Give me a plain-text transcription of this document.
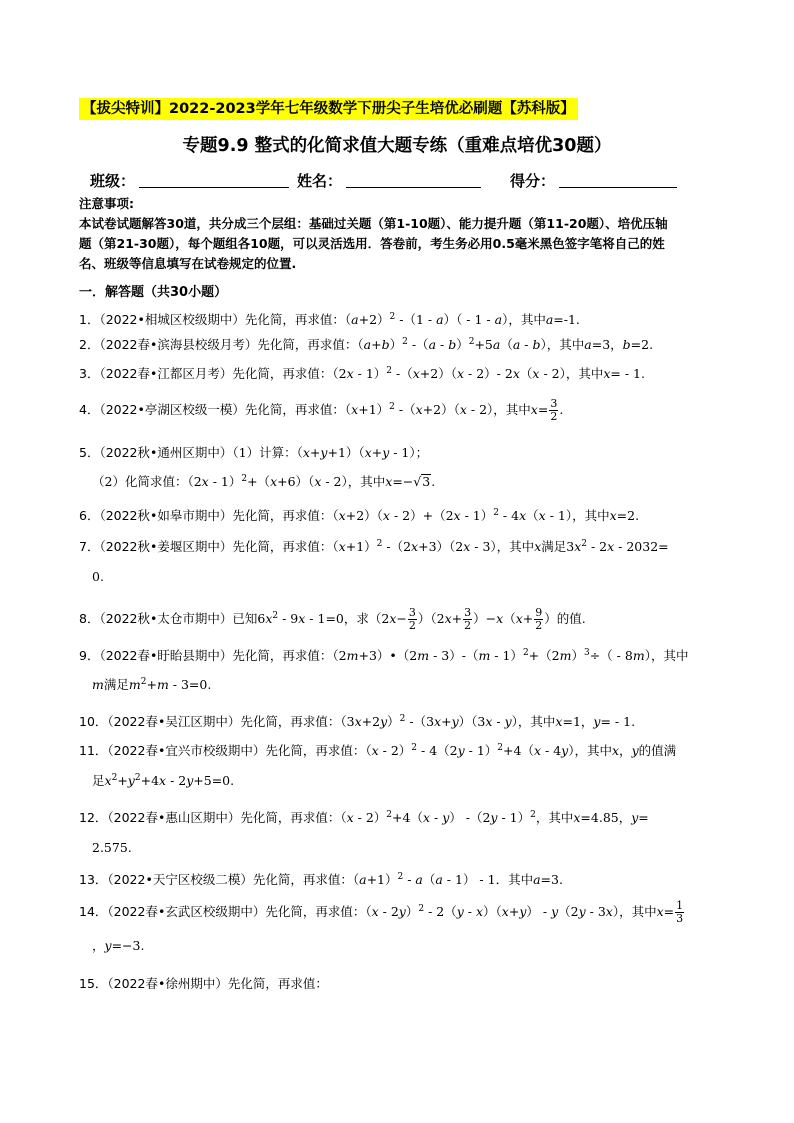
【拔尖特训】2022-2023学年七年级数学下册尖子生培优必刷题【苏科版】
专题9.9 整式的化简求值大题专练（重难点培优30题）
班级：	姓名：	得分：
注意事项:
本试卷试题解答30道，共分成三个层组：基础过关题（第1-10题）、能力提升题（第11-20题）、培优压轴
题（第21-30题），每个题组各10题，可以灵活选用．答卷前，考生务必用0.5毫米黑色签字笔将自己的姓
名、班级等信息填写在试卷规定的位置.
一．解答题（共30小题）
1．（2022•相城区校级期中）先化简，再求值：$(a+2)^2$ -（1 - a）（ - 1 - a），其中a=-1.
2．（2022春•滨海县校级月考）先化简，再求值：$(a+b)^2$ -（a - b）$^2$+5a（a - b），其中a=3，b=2.
3．（2022春•江都区月考）先化简，再求值：（2x - 1）$^2$ -（x+2）（x - 2）- 2x（x - 2），其中x= - 1.
4．（2022•亭湖区校级一模）先化简，再求值：$(x+1)^2$ -（x+2）（x - 2），其中$x= \frac{3}{2}$ .
5．（2022秋•通州区期中）（1）计算：（x+y+1）（x+y - 1）；
（2）化简求值：（2x - 1）$^2$+（x+6）（x - 2），其中x=−√3.
6．（2022秋•如皋市期中）先化简，再求值：（x+2）（x - 2）+（2x - 1）$^2$ - 4x（x - 1），其中x=2.
7．（2022秋•姜堰区期中）先化简，再求值：$(x+1)^2$ -（2x+3）（2x - 3），其中x满足$3x^2 - 2x - 2032=$
0.
8．（2022秋•太仓市期中）已知$6x^2 - 9x - 1=0$，求$(2x- \frac{3}{2} )(2x+ \frac{3}{2} )-x(x+ \frac{9}{2}$ ）的值.
9．（2022春•盱眙县期中）先化简，再求值：（2m+3）•（2m - $3)-(m - 1)^2+(2m)^3\div( - 8m)$，其中
m满足$m^2+m - 3=0$.
10．（2022春•吴江区期中）先化简，再求值：$(3x+2y)^2$ -（3x+y）（3x - y），其中x=1，y= - 1.
11．（2022春•宜兴市校级期中）先化简，再求值：（x - 2）$^2$ - 4（2y - 1）$^2$+4（x - 4y），其中x，y的值满
足$x^2+y^2+4x - 2y+5=0$.
12．（2022春•惠山区期中）先化简，再求值：（x - 2）$^2$+4（x - y） -（2y - 1）$^2$，其中x=4.85，y=
2.575.
13．（2022•天宁区校级二模）先化简，再求值：$(a+1)^2 - a(a - 1) - 1$．其中a=3.
14．（2022春•玄武区校级期中）先化简，再求值：（x - 2y）$^2$ - 2（y - x）（x+y） - y（2y - 3x），其中$x= \frac{1}{3}$
，y=−3.
15．（2022春•徐州期中）先化简，再求值：
